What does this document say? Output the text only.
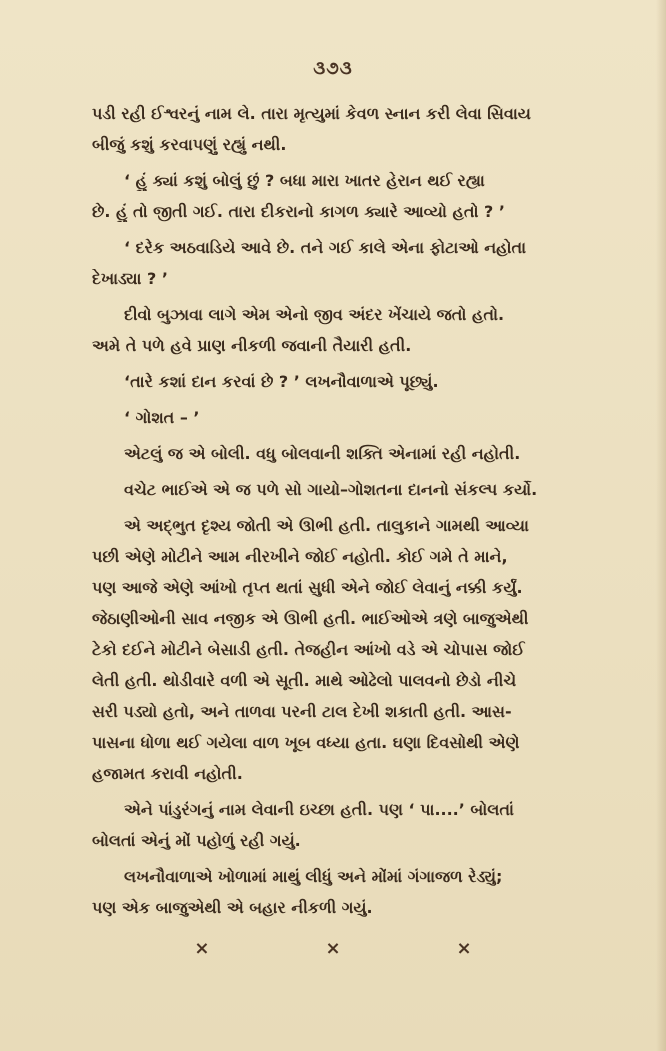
૩૭૩
પડી રહી ઈશ્વરનું નામ લે. તારા મૃત્યુમાં કેવળ સ્નાન કરી લેવા સિવાય
બીજું કશું કરવાપણું રહ્યું નથી.
‘ હું ક્યાં કશું બોલું છું ? બધા મારા ખાતર હેરાન થઈ રહ્યા
છે. હું તો જીતી ગઈ. તારા દીકરાનો કાગળ ક્યારે આવ્યો હતો ? ’
‘ દરેક અઠવાડિયે આવે છે. તને ગઈ કાલે એના ફોટાઓ નહોતા
દેખાડ્યા ? ’
દીવો બુઝાવા લાગે એમ એનો જીવ અંદર ખેંચાયે જતો હતો.
અમે તે પળે હવે પ્રાણ નીકળી જવાની તૈયારી હતી.
‘તારે કશાં દાન કરવાં છે ? ’ લખનૌવાળાએ પૂછ્યું.
‘ ગોશત – ’
એટલું જ એ બોલી. વધુ બોલવાની શક્તિ એનામાં રહી નહોતી.
વચેટ ભાઈએ એ જ પળે સો ગાયો–ગોશતના દાનનો સંકલ્પ કર્યો.
એ અદ્‌ભુત દૃશ્ય જોતી એ ઊભી હતી. તાલુકાને ગામથી આવ્યા
પછી એણે મોટીને આમ નીરખીને જોઈ નહોતી. કોઈ ગમે તે માને,
પણ આજે એણે આંખો તૃપ્ત થતાં સુધી એને જોઈ લેવાનું નક્કી કર્યું.
જેઠાણીઓની સાવ નજીક એ ઊભી હતી. ભાઈઓએ ત્રણે બાજુએથી
ટેકો દઈને મોટીને બેસાડી હતી. તેજહીન આંખો વડે એ ચોપાસ જોઈ
લેતી હતી. થોડીવારે વળી એ સૂતી. માથે ઓઢેલો પાલવનો છેડો નીચે
સરી પડ્યો હતો, અને તાળવા પરની ટાલ દેખી શકાતી હતી. આસ-
પાસના ધોળા થઈ ગયેલા વાળ ખૂબ વધ્યા હતા. ઘણા દિવસોથી એણે
હજામત કરાવી નહોતી.
એને પાંડુરંગનું નામ લેવાની ઇચ્છા હતી. પણ ‘ પા....’ બોલતાં
બોલતાં એનું મોં પહોળું રહી ગયું.
લખનૌવાળાએ ખોળામાં માથું લીધું અને મોંમાં ગંગાજળ રેડ્યું;
પણ એક બાજુએથી એ બહાર નીકળી ગયું.
×	×	×
